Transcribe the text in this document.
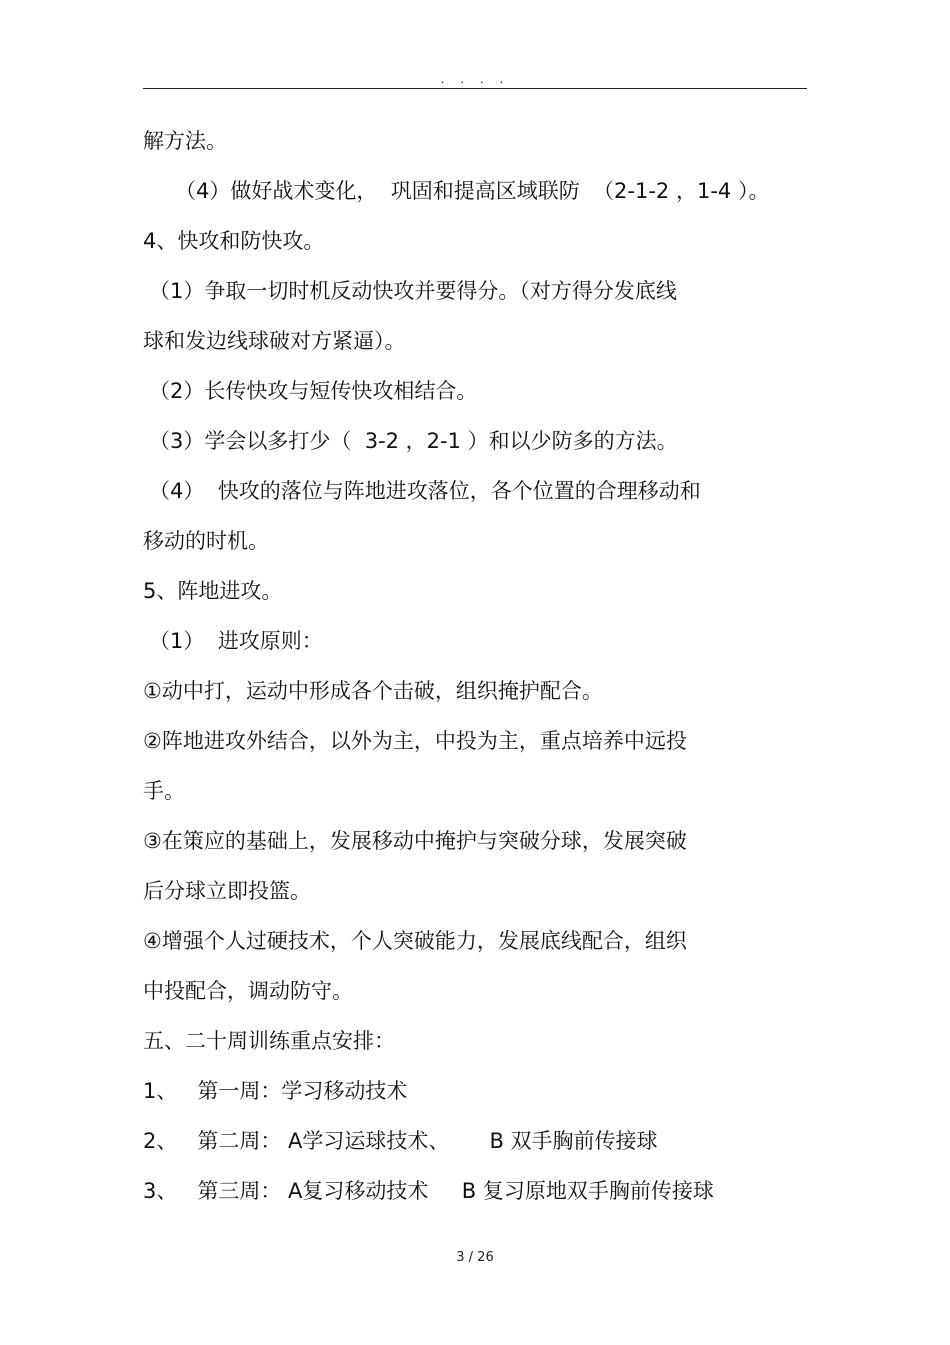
. . . .
解方法。
（4）做好战术变化，  巩固和提高区域联防  （2-1-2 ，1-4 ）。
4、快攻和防快攻。
（1）争取一切时机反动快攻并要得分。（对方得分发底线
球和发边线球破对方紧逼）。
（2）长传快攻与短传快攻相结合。
（3）学会以多打少（  3-2 ，2-1 ）和以少防多的方法。
（4）  快攻的落位与阵地进攻落位，各个位置的合理移动和
移动的时机。
5、阵地进攻。
（1）  进攻原则：
①动中打，运动中形成各个击破，组织掩护配合。
②阵地进攻外结合，以外为主，中投为主，重点培养中远投
手。
③在策应的基础上，发展移动中掩护与突破分球，发展突破
后分球立即投篮。
④增强个人过硬技术，个人突破能力，发展底线配合，组织
中投配合，调动防守。
五、二十周训练重点安排：
1、   第一周：学习移动技术
2、   第二周： A学习运球技术、      B 双手胸前传接球
3、   第三周： A复习移动技术     B 复习原地双手胸前传接球
3 / 26
